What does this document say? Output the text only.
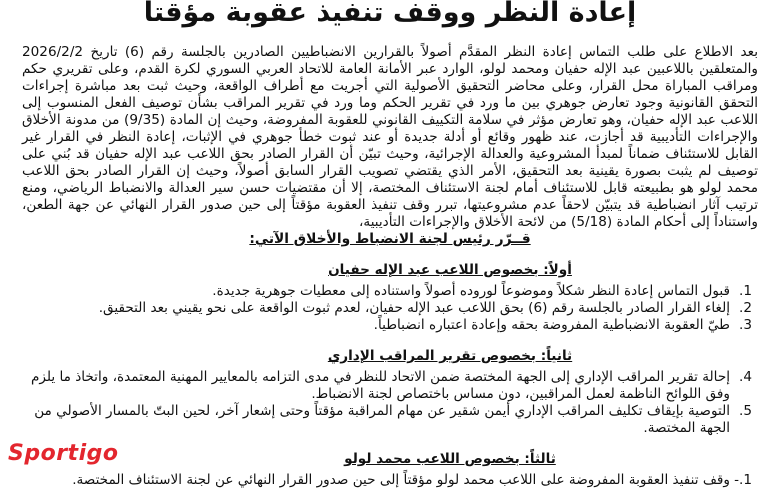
إعادة النظر ووقف تنفيذ عقوبة مؤقتا

بعد الاطلاع على طلب التماس إعادة النظر المقدَّم أصولاً بالقرارين الانضباطيين الصادرين بالجلسة رقم (6) تاريخ 2026/2/2 والمتعلقين باللاعبين عبد الإله حفيان ومحمد لولو، الوارد عبر الأمانة العامة للاتحاد العربي السوري لكرة القدم، وعلى تقريري حكم ومراقب المباراة محل القرار، وعلى محاضر التحقيق الأصولية التي أجريت مع أطراف الواقعة، وحيث ثبت بعد مباشرة إجراءات التحقق القانونية وجود تعارض جوهري بين ما ورد في تقرير الحكم وما ورد في تقرير المراقب بشأن توصيف الفعل المنسوب إلى اللاعب عبد الإله حفيان، وهو تعارض مؤثر في سلامة التكييف القانوني للعقوبة المفروضة، وحيث إن المادة (9/35) من مدونة الأخلاق والإجراءات التأديبية قد أجازت، عند ظهور وقائع أو أدلة جديدة أو عند ثبوت خطأ جوهري في الإثبات، إعادة النظر في القرار غير القابل للاستئناف ضماناً لمبدأ المشروعية والعدالة الإجرائية، وحيث تبيّن أن القرار الصادر بحق اللاعب عبد الإله حفيان قد بُني على توصيف لم يثبت بصورة يقينية بعد التحقيق، الأمر الذي يقتضي تصويب القرار السابق أصولاً، وحيث إن القرار الصادر بحق اللاعب محمد لولو هو بطبيعته قابل للاستئناف أمام لجنة الاستئناف المختصة، إلا أن مقتضيات حسن سير العدالة والانضباط الرياضي، ومنع ترتيب آثار انضباطية قد يتبيّن لاحقاً عدم مشروعيتها، تبرر وقف تنفيذ العقوبة مؤقتاً إلى حين صدور القرار النهائي عن جهة الطعن، واستناداً إلى أحكام المادة (5/18) من لائحة الأخلاق والإجراءات التأديبية،

قــرّر رئيس لجنة الانضباط والأخلاق الآتي:

أولاً: بخصوص اللاعب عبد الإله حفيان

1.
قبول التماس إعادة النظر شكلاً وموضوعاً لوروده أصولاً واستناده إلى معطيات جوهرية جديدة.
2.
إلغاء القرار الصادر بالجلسة رقم (6) بحق اللاعب عبد الإله حفيان، لعدم ثبوت الواقعة على نحو يقيني بعد التحقيق.
3.
طيّ العقوبة الانضباطية المفروضة بحقه وإعادة اعتباره انضباطياً.

ثانياً: بخصوص تقرير المراقب الإداري

4.
إحالة تقرير المراقب الإداري إلى الجهة المختصة ضمن الاتحاد للنظر في مدى التزامه بالمعايير المهنية المعتمدة، واتخاذ ما يلزم وفق اللوائح الناظمة لعمل المراقبين، دون مساس باختصاص لجنة الانضباط.
5.
التوصية بإيقاف تكليف المراقب الإداري أيمن شقير عن مهام المراقبة مؤقتاً وحتى إشعار آخر، لحين البتّ بالمسار الأصولي من الجهة المختصة.

ثالثاً: بخصوص اللاعب محمد لولو

1.-
وقف تنفيذ العقوبة المفروضة على اللاعب محمد لولو مؤقتاً إلى حين صدور القرار النهائي عن لجنة الاستئناف المختصة.
Sportigo
